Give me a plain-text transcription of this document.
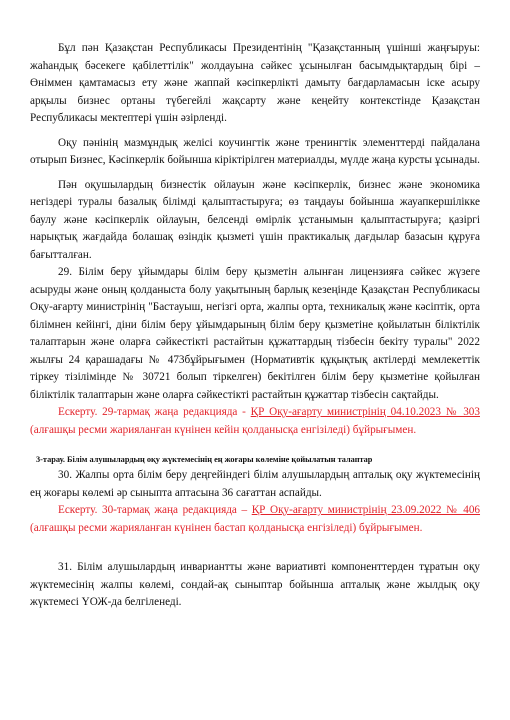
Бұл пән Қазақстан Республикасы Президентінің "Қазақстанның үшінші жаңғыруы: жаһандық бәсекеге қабілеттілік" жолдауына сәйкес ұсынылған басымдықтардың бірі – Өніммен қамтамасыз ету және жаппай кәсіпкерлікті дамыту бағдарламасын іске асыру арқылы бизнес ортаны түбегейлі жақсарту және кеңейту контекстінде Қазақстан Республикасы мектептері үшін әзірленді.

Оқу пәнінің мазмұндық желісі коучингтік және тренингтік элементтерді пайдалана отырып Бизнес, Кәсіпкерлік бойынша кіріктірілген материалды, мүлде жаңа курсты ұсынады.

Пән оқушылардың бизнестік ойлауын және кәсіпкерлік, бизнес және экономика негіздері туралы базалық білімді қалыптастыруға; өз таңдауы бойынша жауапкершілікке баулу және кәсіпкерлік ойлауын, белсенді өмірлік ұстанымын қалыптастыруға; қазіргі нарықтық жағдайда болашақ өзіндік қызметі үшін практикалық дағдылар базасын құруға бағытталған.

29. Білім беру ұйымдары білім беру қызметін алынған лицензияға сәйкес жүзеге асыруды және оның қолданыста болу уақытының барлық кезеңінде Қазақстан Республикасы Оқу-ағарту министрінің "Бастауыш, негізгі орта, жалпы орта, техникалық және кәсіптік, орта білімнен кейінгі, діни білім беру ұйымдарының білім беру қызметіне қойылатын біліктілік талаптарын және оларға сәйкестікті растайтын құжаттардың тізбесін бекіту туралы" 2022 жылғы 24 қарашадағы № 473бұйрығымен (Нормативтік құқықтық актілерді мемлекеттік тіркеу тізілімінде № 30721 болып тіркелген) бекітілген білім беру қызметіне қойылған біліктілік талаптарын және оларға сәйкестікті растайтын құжаттар тізбесін сақтайды.

Ескерту. 29-тармақ жаңа редакцияда - ҚР Оқу-ағарту министрінің 04.10.2023 № 303 (алғашқы ресми жарияланған күнінен кейін қолданысқа енгізіледі) бұйрығымен.

3-тарау. Білім алушылардың оқу жүктемесінің ең жоғары көлеміне қойылатын талаптар

30. Жалпы орта білім беру деңгейіндегі білім алушылардың апталық оқу жүктемесінің ең жоғары көлемі әр сыныпта аптасына 36 сағаттан аспайды.

Ескерту. 30-тармақ жаңа редакцияда – ҚР Оқу-ағарту министрінің 23.09.2022 № 406 (алғашқы ресми жарияланған күнінен бастап қолданысқа енгізіледі) бұйрығымен.

31. Білім алушылардың инвариантты және вариативті компоненттерден тұратын оқу жүктемесінің жалпы көлемі, сондай-ақ сыныптар бойынша апталық және жылдық оқу жүктемесі ҮОЖ-да белгіленеді.
